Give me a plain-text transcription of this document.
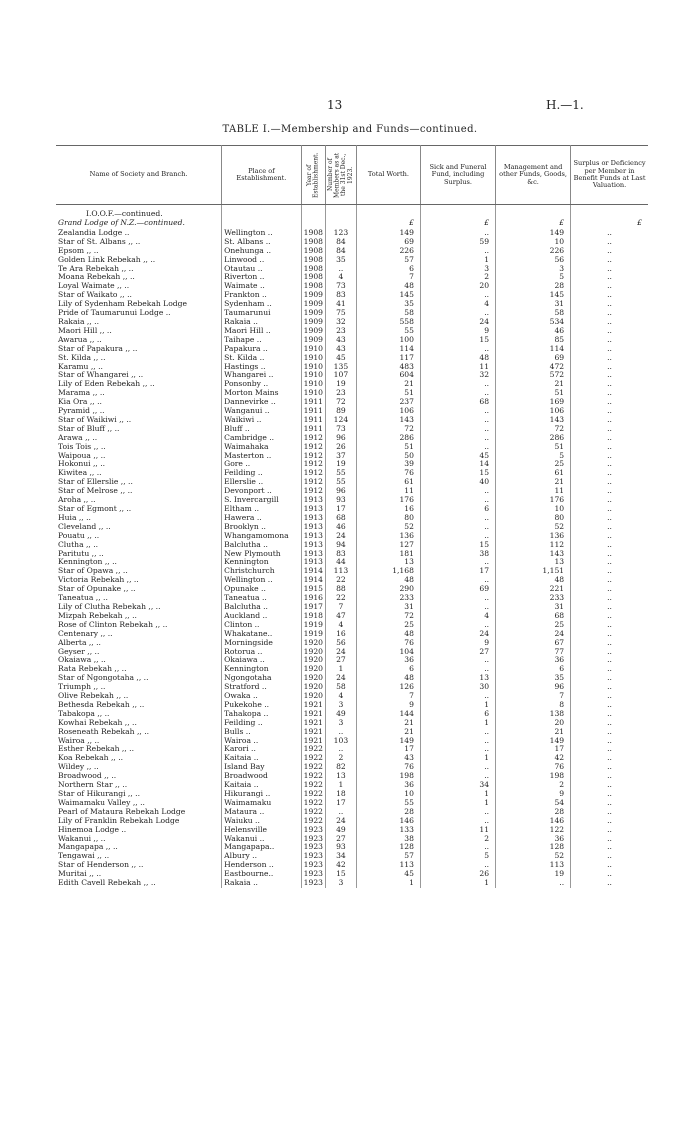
13	H.—1.
TABLE I.—Membership and Funds—continued.
Name of Society and Branch.	Place of Establishment.	Year of Establishment.	Number of Members as at the 31st Dec., 1923.	Total Worth.	Sick and Funeral Fund, including Surplus.	Management and other Funds, Goods, &c.	Surplus or Deficiency per Member in Benefit Funds at Last Valuation.

I.O.O.F.—continued.							
Grand Lodge of N.Z.—continued.				£	£	£	£
Zealandia Lodge ..	Wellington ..	1908	123	149	..	149	..
Star of St. Albans ,, ..	St. Albans ..	1908	84	69	59	10	..
Epsom ,, ..	Onehunga ..	1908	84	226	..	226	..
Golden Link Rebekah ,, ..	Linwood ..	1908	35	57	1	56	..
Te Ara Rebekah ,, ..	Otautau ..	1908	..	6	3	3	..
Moana Rebekah ,, ..	Riverton ..	1908	4	7	2	5	..
Loyal Waimate ,, ..	Waimate ..	1908	73	48	20	28	..
Star of Waikato ,, ..	Frankton ..	1909	83	145	..	145	..
Lily of Sydenham Rebekah Lodge	Sydenham ..	1909	41	35	4	31	..
Pride of Taumarunui Lodge ..	Taumarunui	1909	75	58	..	58	..
Rakaia ,, ..	Rakaia ..	1909	32	558	24	534	..
Maori Hill ,, ..	Maori Hill ..	1909	23	55	9	46	..
Awarua ,, ..	Taihape ..	1909	43	100	15	85	..
Star of Papakura ,, ..	Papakura ..	1910	43	114	..	114	..
St. Kilda ,, ..	St. Kilda ..	1910	45	117	48	69	..
Karamu ,, ..	Hastings ..	1910	135	483	11	472	..
Star of Whangarei ,, ..	Whangarei ..	1910	107	604	32	572	..
Lily of Eden Rebekah ,, ..	Ponsonby ..	1910	19	21	..	21	..
Marama ,, ..	Morton Mains	1910	23	51	..	51	..
Kia Ora ,, ..	Dannevirke ..	1911	72	237	68	169	..
Pyramid ,, ..	Wanganui ..	1911	89	106	..	106	..
Star of Waikiwi ,, ..	Waikiwi ..	1911	124	143	..	143	..
Star of Bluff ,, ..	Bluff ..	1911	73	72	..	72	..
Arawa ,, ..	Cambridge ..	1912	96	286	..	286	..
Tois Tois ,, ..	Waimahaka	1912	26	51	..	51	..
Waipoua ,, ..	Masterton ..	1912	37	50	45	5	..
Hokonui ,, ..	Gore ..	1912	19	39	14	25	..
Kiwitea ,, ..	Feilding ..	1912	55	76	15	61	..
Star of Ellerslie ,, ..	Ellerslie ..	1912	55	61	40	21	..
Star of Melrose ,, ..	Devonport ..	1912	96	11	..	11	..
Aroha ,, ..	S. Invercargill	1913	93	176	..	176	..
Star of Egmont ,, ..	Eltham ..	1913	17	16	6	10	..
Huia ,, ..	Hawera ..	1913	68	80	..	80	..
Cleveland ,, ..	Brooklyn ..	1913	46	52	..	52	..
Pouatu ,, ..	Whangamomona	1913	24	136	..	136	..
Clutha ,, ..	Balclutha ..	1913	94	127	15	112	..
Paritutu ,, ..	New Plymouth	1913	83	181	38	143	..
Kennington ,, ..	Kennington	1913	44	13	..	13	..
Star of Opawa ,, ..	Christchurch	1914	113	1,168	17	1,151	..
Victoria Rebekah ,, ..	Wellington ..	1914	22	48	..	48	..
Star of Opunake ,, ..	Opunake ..	1915	88	290	69	221	..
Taneatua ,, ..	Taneatua ..	1916	22	233	..	233	..
Lily of Clutha Rebekah ,, ..	Balclutha ..	1917	7	31	..	31	..
Mizpah Rebekah ,, ..	Auckland ..	1918	47	72	4	68	..
Rose of Clinton Rebekah ,, ..	Clinton ..	1919	4	25	..	25	..
Centenary ,, ..	Whakatane..	1919	16	48	24	24	..
Alberta ,, ..	Morningside	1920	56	76	9	67	..
Geyser ,, ..	Rotorua ..	1920	24	104	27	77	..
Okaiawa ,, ..	Okaiawa ..	1920	27	36	..	36	..
Rata Rebekah ,, ..	Kennington	1920	1	6	..	6	..
Star of Ngongotaha ,, ..	Ngongotaha	1920	24	48	13	35	..
Triumph ,, ..	Stratford ..	1920	58	126	30	96	..
Olive Rebekah ,, ..	Owaka ..	1920	4	7	..	7	..
Bethesda Rebekah ,, ..	Pukekohe ..	1921	3	9	1	8	..
Tabakopa ,, ..	Tahakopa ..	1921	49	144	6	138	..
Kowhai Rebekah ,, ..	Feilding ..	1921	3	21	1	20	..
Roseneath Rebekah ,, ..	Bulls ..	1921	..	21	..	21	..
Wairoa ,, ..	Wairoa ..	1921	103	149	..	149	..
Esther Rebekah ,, ..	Karori ..	1922	..	17	..	17	..
Koa Rebekah ,, ..	Kaitaia ..	1922	2	43	1	42	..
Wildey ,, ..	Island Bay	1922	82	76	..	76	..
Broadwood ,, ..	Broadwood	1922	13	198	..	198	..
Northern Star ,, ..	Kaitaia ..	1922	1	36	34	2	..
Star of Hikurangi ,, ..	Hikurangi ..	1922	18	10	1	9	..
Waimamaku Valley ,, ..	Waimamaku	1922	17	55	1	54	..
Pearl of Mataura Rebekah Lodge	Mataura ..	1922	..	28	..	28	..
Lily of Franklin Rebekah Lodge	Waiuku ..	1922	24	146	..	146	..
Hinemoa Lodge ..	Helensville	1923	49	133	11	122	..
Wakanui ,, ..	Wakanui ..	1923	27	38	2	36	..
Mangapapa ,, ..	Mangapapa..	1923	93	128	..	128	..
Tengawai ,, ..	Albury ..	1923	34	57	5	52	..
Star of Henderson ,, ..	Henderson ..	1923	42	113	..	113	..
Muritai ,, ..	Eastbourne..	1923	15	45	26	19	..
Edith Cavell Rebekah ,, ..	Rakaia ..	1923	3	1	1	..	..
